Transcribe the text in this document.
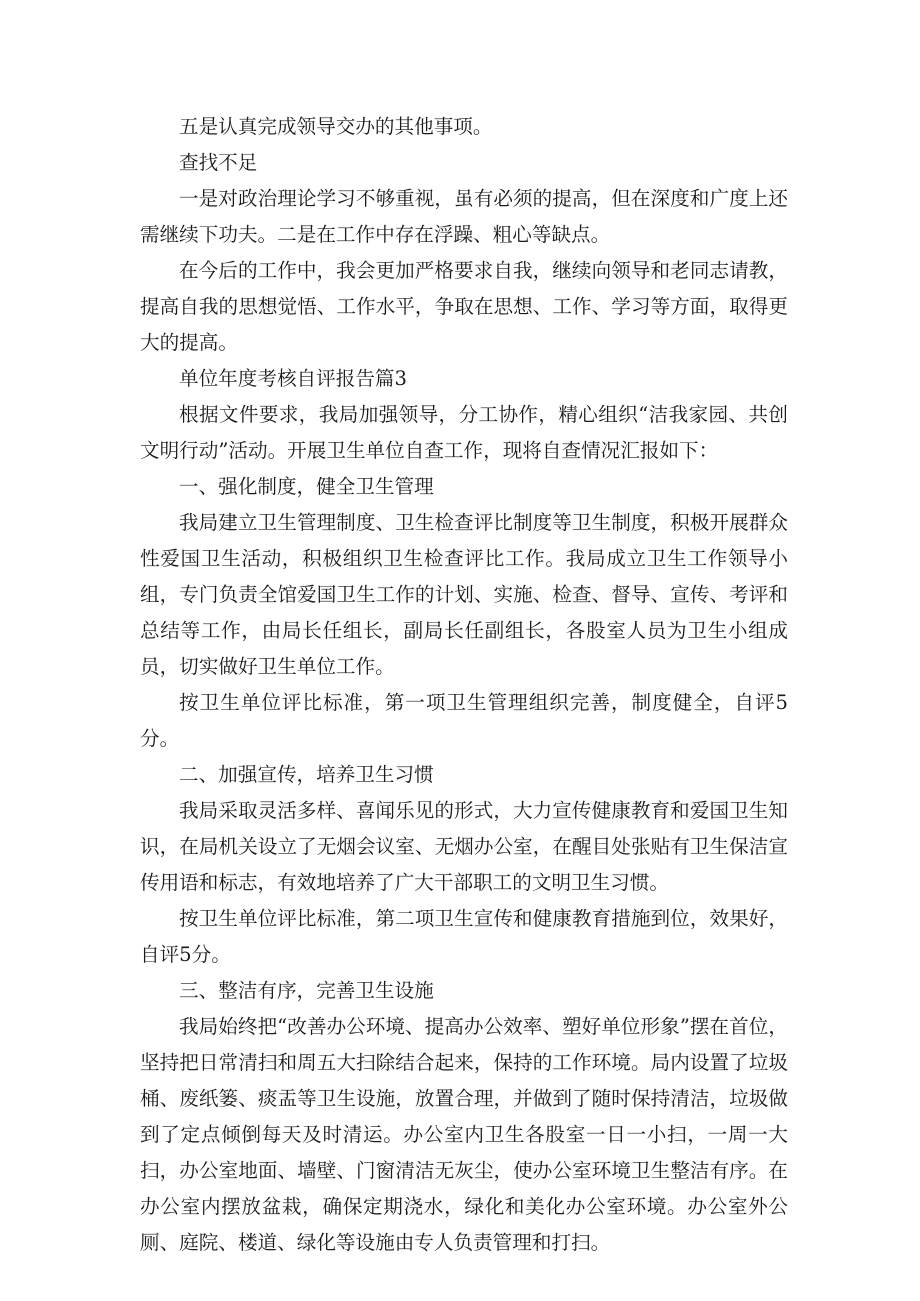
五是认真完成领导交办的其他事项。

查找不足

一是对政治理论学习不够重视，虽有必须的提高，但在深度和广度上还需继续下功夫。二是在工作中存在浮躁、粗心等缺点。

在今后的工作中，我会更加严格要求自我，继续向领导和老同志请教，提高自我的思想觉悟、工作水平，争取在思想、工作、学习等方面，取得更大的提高。

单位年度考核自评报告篇3

根据文件要求，我局加强领导，分工协作，精心组织“洁我家园、共创文明行动”活动。开展卫生单位自查工作，现将自查情况汇报如下：

一、强化制度，健全卫生管理

我局建立卫生管理制度、卫生检查评比制度等卫生制度，积极开展群众性爱国卫生活动，积极组织卫生检查评比工作。我局成立卫生工作领导小组，专门负责全馆爱国卫生工作的计划、实施、检查、督导、宣传、考评和总结等工作，由局长任组长，副局长任副组长，各股室人员为卫生小组成员，切实做好卫生单位工作。

按卫生单位评比标准，第一项卫生管理组织完善，制度健全，自评5分。

二、加强宣传，培养卫生习惯

我局采取灵活多样、喜闻乐见的形式，大力宣传健康教育和爱国卫生知识，在局机关设立了无烟会议室、无烟办公室，在醒目处张贴有卫生保洁宣传用语和标志，有效地培养了广大干部职工的文明卫生习惯。

按卫生单位评比标准，第二项卫生宣传和健康教育措施到位，效果好，自评5分。

三、整洁有序，完善卫生设施

我局始终把“改善办公环境、提高办公效率、塑好单位形象”摆在首位，坚持把日常清扫和周五大扫除结合起来，保持的工作环境。局内设置了垃圾桶、废纸篓、痰盂等卫生设施，放置合理，并做到了随时保持清洁，垃圾做到了定点倾倒每天及时清运。办公室内卫生各股室一日一小扫，一周一大扫，办公室地面、墙壁、门窗清洁无灰尘，使办公室环境卫生整洁有序。在办公室内摆放盆栽，确保定期浇水，绿化和美化办公室环境。办公室外公厕、庭院、楼道、绿化等设施由专人负责管理和打扫。
